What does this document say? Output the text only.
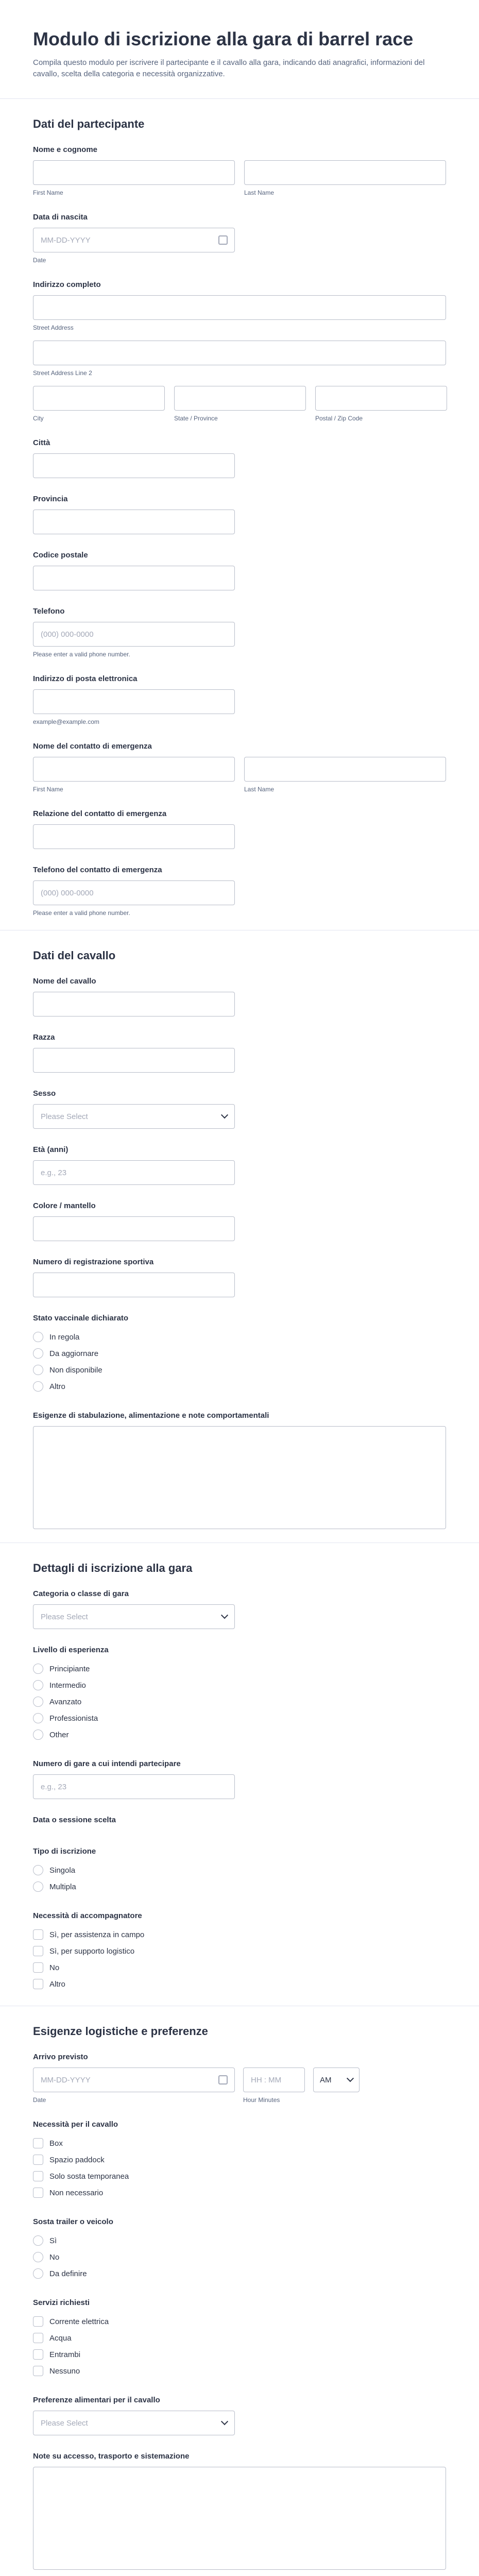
Modulo di iscrizione alla gara di barrel race

Compila questo modulo per iscrivere il partecipante e il cavallo alla gara, indicando dati anagrafici, informazioni del cavallo, scelta della categoria e necessità organizzative.

Dati del partecipante
Nome e cognome
First Name	Last Name
Data di nascita
MM-DD-YYYY
Date
Indirizzo completo
Street Address
Street Address Line 2
City	State / Province	Postal / Zip Code
Città
Provincia
Codice postale
Telefono
(000) 000-0000
Please enter a valid phone number.
Indirizzo di posta elettronica
example@example.com
Nome del contatto di emergenza
First Name	Last Name
Relazione del contatto di emergenza
Telefono del contatto di emergenza
(000) 000-0000
Please enter a valid phone number.
Dati del cavallo
Nome del cavallo
Razza
Sesso
Please Select
Età (anni)
e.g., 23
Colore / mantello
Numero di registrazione sportiva
Stato vaccinale dichiarato
In regola
Da aggiornare
Non disponibile
Altro
Esigenze di stabulazione, alimentazione e note comportamentali
Dettagli di iscrizione alla gara
Categoria o classe di gara
Please Select
Livello di esperienza
Principiante
Intermedio
Avanzato
Professionista
Other
Numero di gare a cui intendi partecipare
e.g., 23
Data o sessione scelta
Tipo di iscrizione
Singola
Multipla
Necessità di accompagnatore
Sì, per assistenza in campo
Sì, per supporto logistico
No
Altro
Esigenze logistiche e preferenze
Arrivo previsto
MM-DD-YYYY
HH : MM
AM
Date	Hour Minutes
Necessità per il cavallo
Box
Spazio paddock
Solo sosta temporanea
Non necessario
Sosta trailer o veicolo
Sì
No
Da definire
Servizi richiesti
Corrente elettrica
Acqua
Entrambi
Nessuno
Preferenze alimentari per il cavallo
Please Select
Note su accesso, trasporto e sistemazione
